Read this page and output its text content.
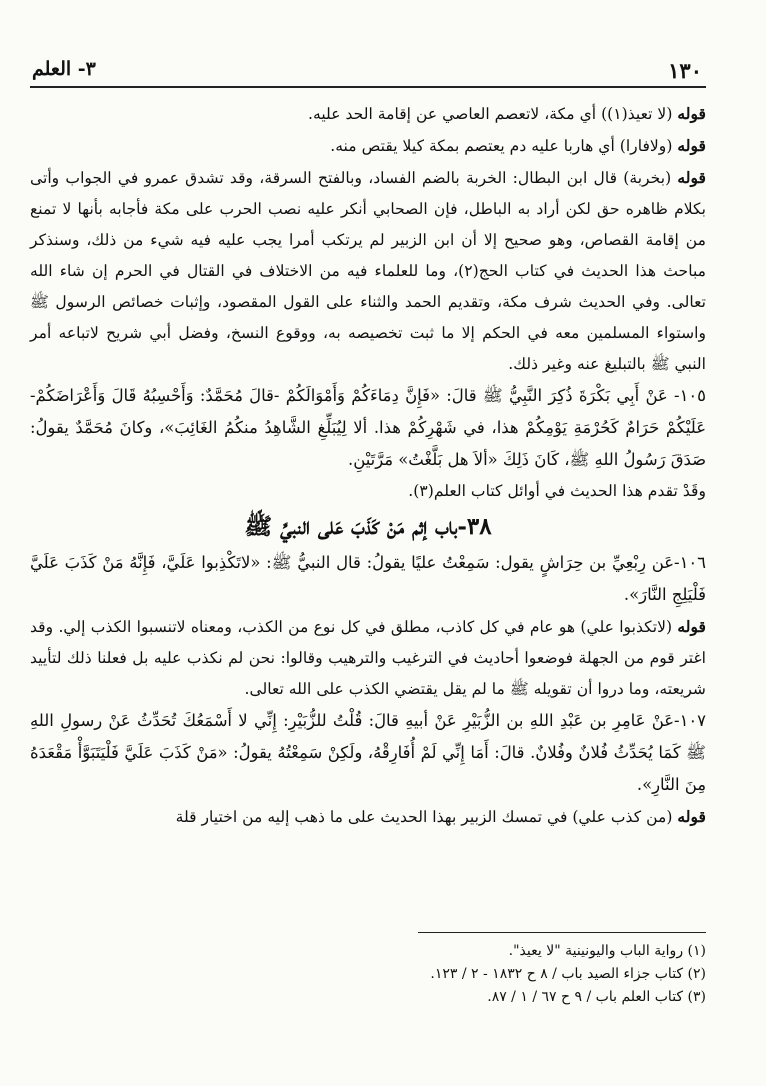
١٣٠
٣- العلم

قوله (لا تعيذ(١)) أي مكة، لاتعصم العاصي عن إقامة الحد عليه.

قوله (ولافارا) أي هاربا عليه دم يعتصم بمكة كيلا يقتص منه.

قوله (بخربة) قال ابن البطال: الخربة بالضم الفساد، وبالفتح السرقة، وقد تشدق عمرو في الجواب وأتى بكلام ظاهره حق لكن أراد به الباطل، فإن الصحابي أنكر عليه نصب الحرب على مكة فأجابه بأنها لا تمنع من إقامة القصاص، وهو صحيح إلا أن ابن الزبير لم يرتكب أمرا يجب عليه فيه شيء من ذلك، وسنذكر مباحث هذا الحديث في كتاب الحج(٢)، وما للعلماء فيه من الاختلاف في القتال في الحرم إن شاء الله تعالى. وفي الحديث شرف مكة، وتقديم الحمد والثناء على القول المقصود، وإثبات خصائص الرسول ﷺ واستواء المسلمين معه في الحكم إلا ما ثبت تخصيصه به، ووقوع النسخ، وفضل أبي شريح لاتباعه أمر النبي ﷺ بالتبليغ عنه وغير ذلك.

١٠٥- عَنْ أَبِي بَكْرَةَ ذُكِرَ النَّبِيُّ ﷺ قالَ: «فَإِنَّ دِمَاءَكُمْ وَأَمْوَالَكُمْ -قالَ مُحَمَّدٌ: وَأَحْسِبُهُ قَالَ وَأَعْرَاضَكُمْ- عَلَيْكُمْ حَرَامٌ كَحُرْمَةِ يَوْمِكُمْ هذا، في شَهْرِكُمْ هذا. ألا لِيُبَلِّغِ الشَّاهِدُ منكُمُ الغَائِبَ»، وكانَ مُحَمَّدٌ يقولُ: صَدَقَ رَسُولُ اللهِ ﷺ، كَانَ ذَلِكَ «ألاَ هل بَلَّغْتُ» مَرَّتَيْنِ.

وقَدْ تقدم هذا الحديث في أوائل كتاب العلم(٣).

٣٨-باب إثم مَنْ كَذَبَ عَلى النبيِّ ﷺ

١٠٦-عَن رِبْعِيِّ بن حِرَاشٍ يقول: سَمِعْتُ عليًا يقولُ: قال النبيُّ ﷺ: «لاتَكْذِبوا عَلَيَّ، فَإِنَّهُ مَنْ كَذَبَ عَلَيَّ فَلْيَلِجِ النَّارَ».

قوله (لاتكذبوا علي) هو عام في كل كاذب، مطلق في كل نوع من الكذب، ومعناه لاتنسبوا الكذب إلي. وقد اغتر قوم من الجهلة فوضعوا أحاديث في الترغيب والترهيب وقالوا: نحن لم نكذب عليه بل فعلنا ذلك لتأييد شريعته، وما دروا أن تقويله ﷺ ما لم يقل يقتضي الكذب على الله تعالى.

١٠٧-عَنْ عَامِرِ بن عَبْدِ اللهِ بن الزُّبَيْرِ عَنْ أبيهِ قالَ: قُلْتُ للزُّبَيْرِ: إِنِّي لا أَسْمَعُكَ تُحَدِّثُ عَنْ رسولِ اللهِ ﷺ كَمَا يُحَدِّثُ فُلانٌ وفُلانٌ. قالَ: أَمَا إِنِّي لَمْ أُفَارِقْهُ، ولَكِنْ سَمِعْتُهُ يقولُ: «مَنْ كَذَبَ عَلَيَّ فَلْيَتَبَوَّأْ مَقْعَدَهُ مِنَ النَّارِ».

قوله (من كذب علي) في تمسك الزبير بهذا الحديث على ما ذهب إليه من اختيار قلة

(١) رواية الباب واليونينية "لا يعيذ".

(٢) كتاب جزاء الصيد باب / ٨ ح ١٨٣٢ - ٢ / ١٢٣.

(٣) كتاب العلم باب / ٩ ح ٦٧ / ١ / ٨٧.
